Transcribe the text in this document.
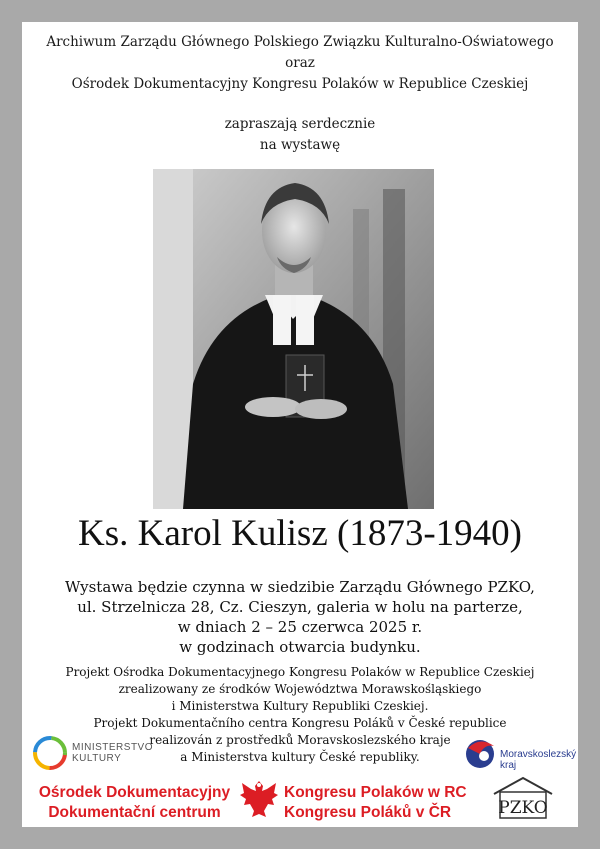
Archiwum Zarządu Głównego Polskiego Związku Kulturalno-Oświatowego
oraz
Ośrodek Dokumentacyjny Kongresu Polaków w Republice Czeskiej
zapraszają serdecznie
na wystawę
Ks. Karol Kulisz (1873-1940)
Wystawa będzie czynna w siedzibie Zarządu Głównego PZKO,
ul. Strzelnicza 28, Cz. Cieszyn, galeria w holu na parterze,
w dniach 2 – 25 czerwca 2025 r.
w godzinach otwarcia budynku.
Projekt Ośrodka Dokumentacyjnego Kongresu Polaków w Republice Czeskiej
zrealizowany ze środków Województwa Morawskośląskiego
i Ministerstwa Kultury Republiki Czeskiej.
Projekt Dokumentačního centra Kongresu Poláků v České republice
realizován z prostředků Moravskoslezského kraje
a Ministerstva kultury České republiky.
MINISTERSTVO
KULTURY	Moravskoslezský
kraj
Ośrodek Dokumentacyjny
Dokumentační centrum
Kongresu Polaków w RC
Kongresu Poláků v ČR	PZKO
